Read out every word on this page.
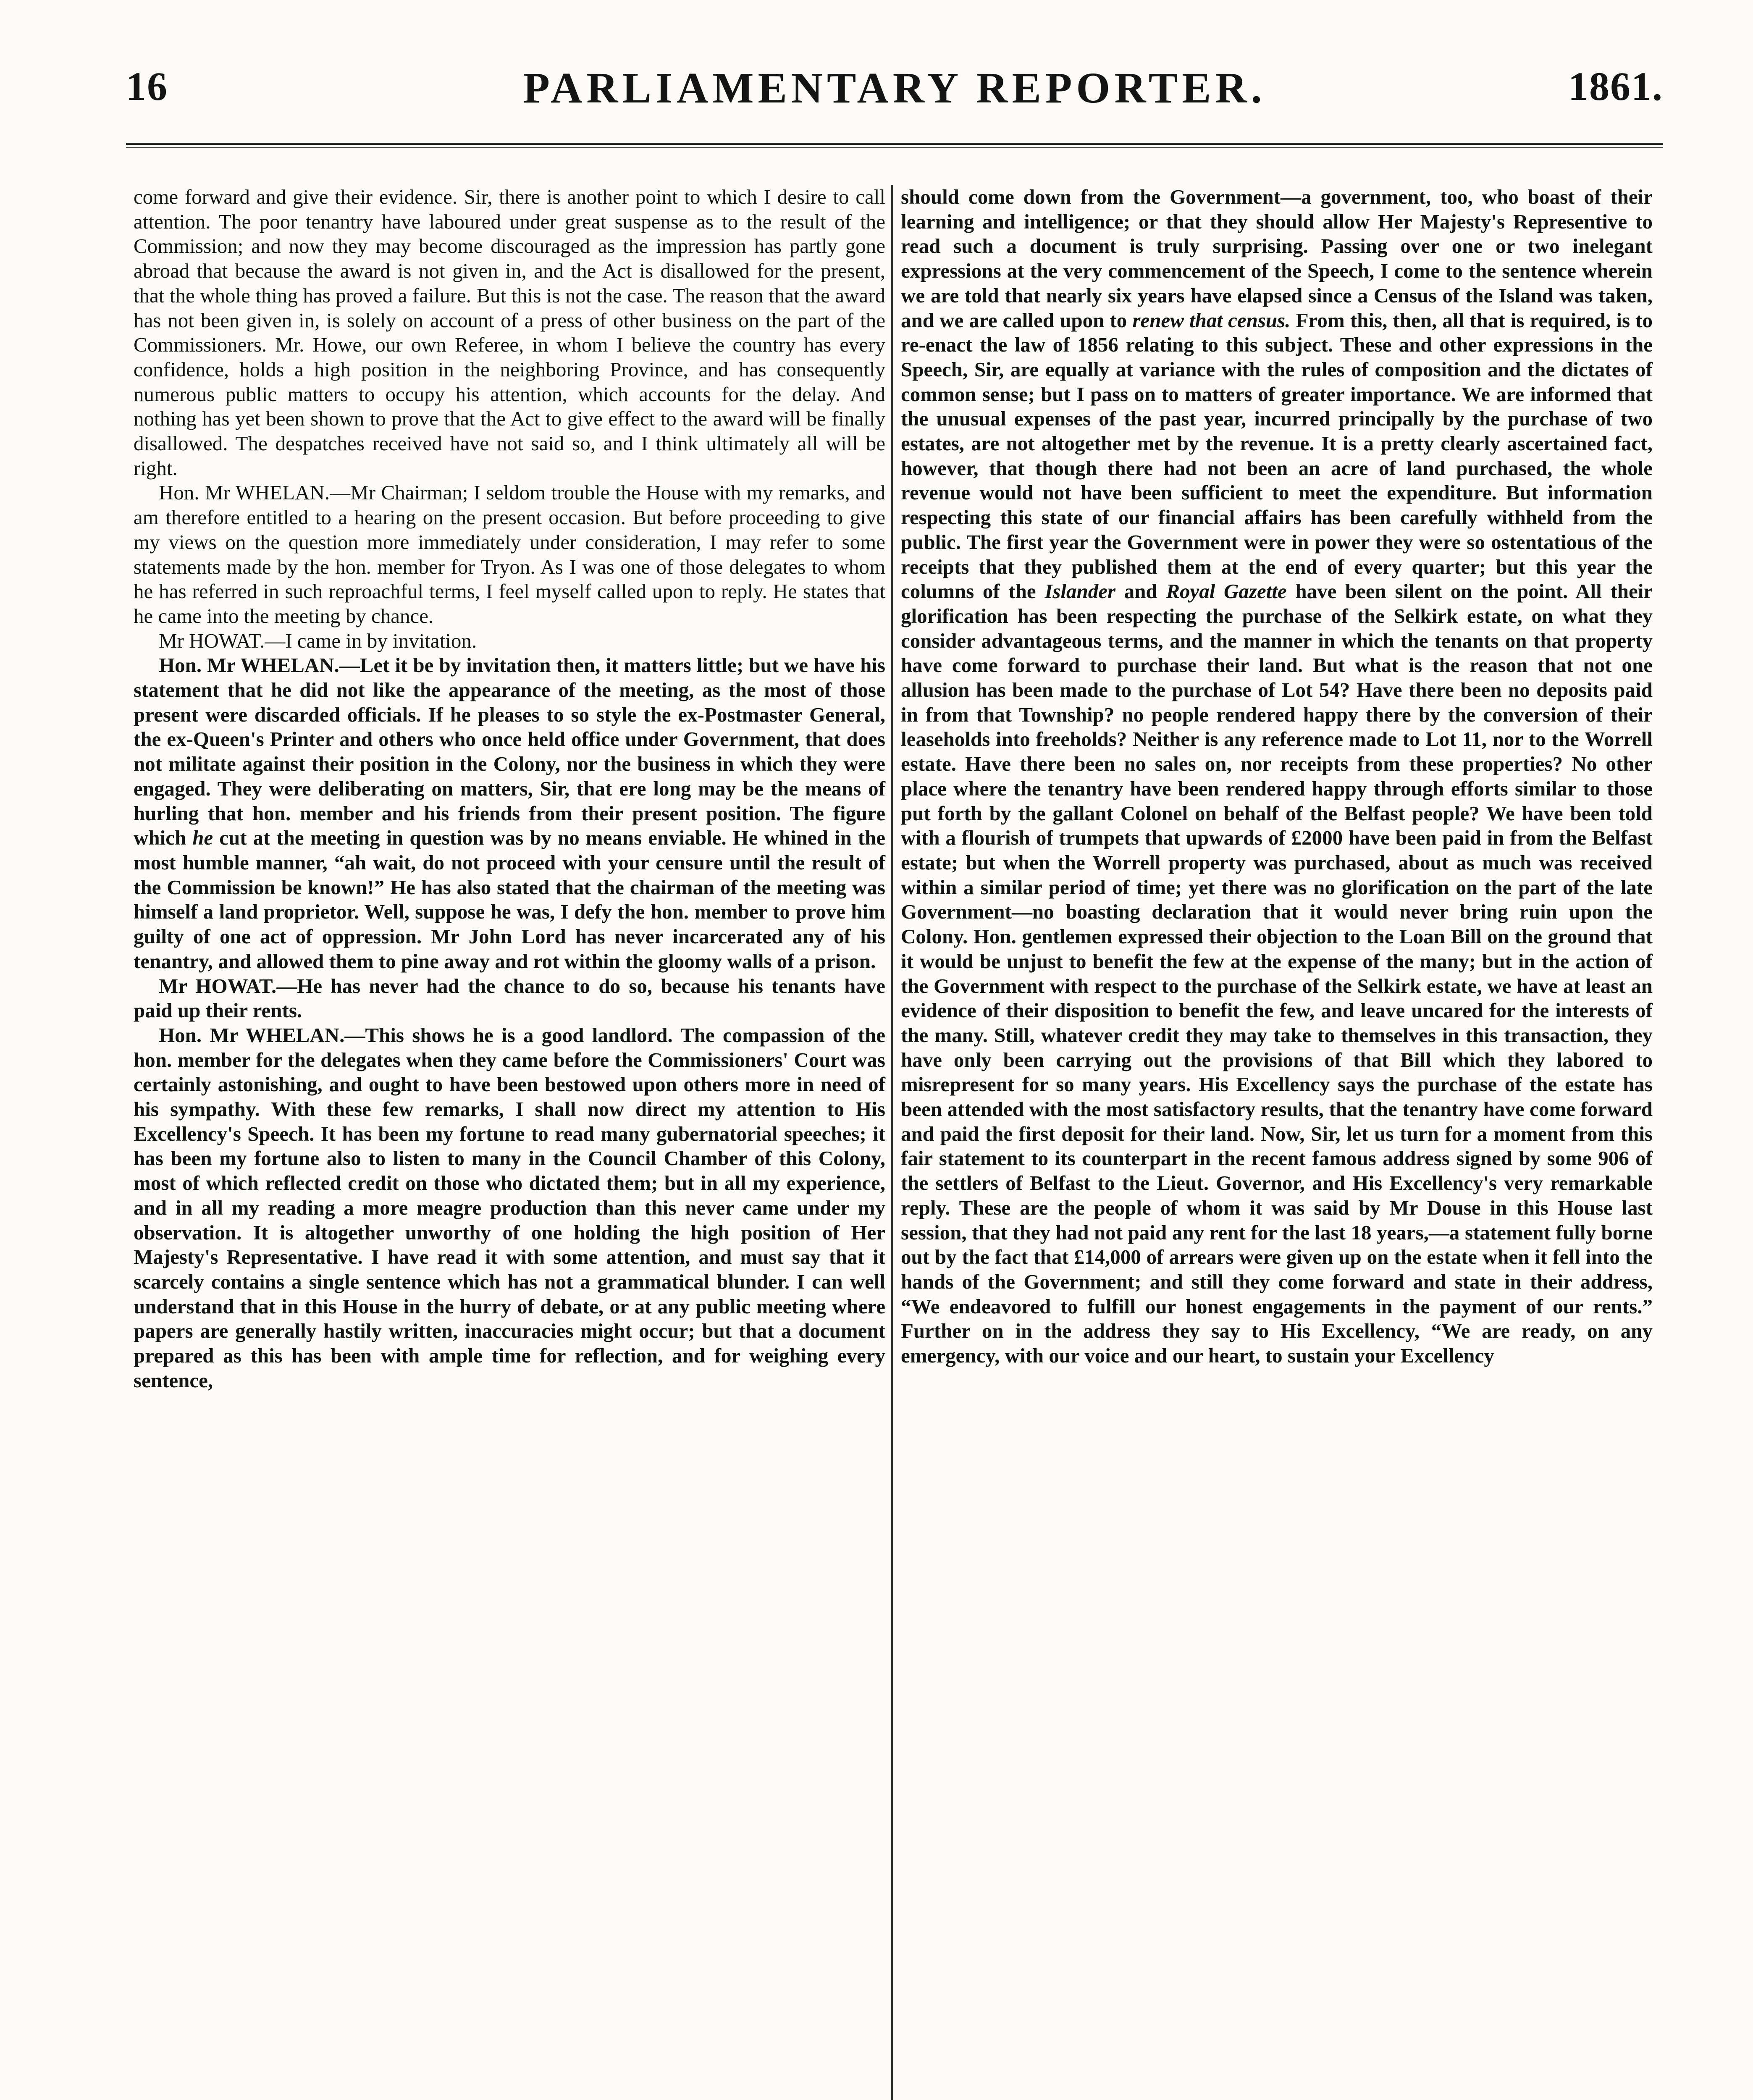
16	PARLIAMENTARY REPORTER.	1861.

come forward and give their evidence. Sir, there is another point to which I desire to call attention. The poor tenantry have laboured under great suspense as to the result of the Commission; and now they may become discouraged as the impression has partly gone abroad that because the award is not given in, and the Act is disallowed for the present, that the whole thing has proved a failure. But this is not the case. The reason that the award has not been given in, is solely on account of a press of other business on the part of the Commissioners. Mr. Howe, our own Referee, in whom I believe the country has every confidence, holds a high position in the neighboring Province, and has consequently numerous public matters to occupy his attention, which accounts for the delay. And nothing has yet been shown to prove that the Act to give effect to the award will be finally disallowed. The despatches received have not said so, and I think ultimately all will be right.

Hon. Mr WHELAN.—Mr Chairman; I seldom trouble the House with my remarks, and am therefore entitled to a hearing on the present occasion. But before proceeding to give my views on the question more immediately under consideration, I may refer to some statements made by the hon. member for Tryon. As I was one of those delegates to whom he has referred in such reproachful terms, I feel myself called upon to reply. He states that he came into the meeting by chance.

Mr HOWAT.—I came in by invitation.

Hon. Mr WHELAN.—Let it be by invitation then, it matters little; but we have his statement that he did not like the appearance of the meeting, as the most of those present were discarded officials. If he pleases to so style the ex-Postmaster General, the ex-Queen's Printer and others who once held office under Government, that does not militate against their position in the Colony, nor the business in which they were engaged. They were deliberating on matters, Sir, that ere long may be the means of hurling that hon. member and his friends from their present position. The figure which he cut at the meeting in question was by no means enviable. He whined in the most humble manner, “ah wait, do not proceed with your censure until the result of the Commission be known!” He has also stated that the chairman of the meeting was himself a land proprietor. Well, suppose he was, I defy the hon. member to prove him guilty of one act of oppression. Mr John Lord has never incarcerated any of his tenantry, and allowed them to pine away and rot within the gloomy walls of a prison.

Mr HOWAT.—He has never had the chance to do so, because his tenants have paid up their rents.

Hon. Mr WHELAN.—This shows he is a good landlord. The compassion of the hon. member for the delegates when they came before the Commissioners' Court was certainly astonishing, and ought to have been bestowed upon others more in need of his sympathy. With these few remarks, I shall now direct my attention to His Excellency's Speech. It has been my fortune to read many gubernatorial speeches; it has been my fortune also to listen to many in the Council Chamber of this Colony, most of which reflected credit on those who dictated them; but in all my experience, and in all my reading a more meagre production than this never came under my observation. It is altogether unworthy of one holding the high position of Her Majesty's Representative. I have read it with some attention, and must say that it scarcely contains a single sentence which has not a grammatical blunder. I can well understand that in this House in the hurry of debate, or at any public meeting where papers are generally hastily written, inaccuracies might occur; but that a document prepared as this has been with ample time for reflection, and for weighing every sentence,

should come down from the Government—a government, too, who boast of their learning and intelligence; or that they should allow Her Majesty's Representive to read such a document is truly surprising. Passing over one or two inelegant expressions at the very commencement of the Speech, I come to the sentence wherein we are told that nearly six years have elapsed since a Census of the Island was taken, and we are called upon to renew that census. From this, then, all that is required, is to re-enact the law of 1856 relating to this subject. These and other expressions in the Speech, Sir, are equally at variance with the rules of composition and the dictates of common sense; but I pass on to matters of greater importance. We are informed that the unusual expenses of the past year, incurred principally by the purchase of two estates, are not altogether met by the revenue. It is a pretty clearly ascertained fact, however, that though there had not been an acre of land purchased, the whole revenue would not have been sufficient to meet the expenditure. But information respecting this state of our financial affairs has been carefully withheld from the public. The first year the Government were in power they were so ostentatious of the receipts that they published them at the end of every quarter; but this year the columns of the Islander and Royal Gazette have been silent on the point. All their glorification has been respecting the purchase of the Selkirk estate, on what they consider advantageous terms, and the manner in which the tenants on that property have come forward to purchase their land. But what is the reason that not one allusion has been made to the purchase of Lot 54? Have there been no deposits paid in from that Township? no people rendered happy there by the conversion of their leaseholds into freeholds? Neither is any reference made to Lot 11, nor to the Worrell estate. Have there been no sales on, nor receipts from these properties? No other place where the tenantry have been rendered happy through efforts similar to those put forth by the gallant Colonel on behalf of the Belfast people? We have been told with a flourish of trumpets that upwards of £2000 have been paid in from the Belfast estate; but when the Worrell property was purchased, about as much was received within a similar period of time; yet there was no glorification on the part of the late Government—no boasting declaration that it would never bring ruin upon the Colony. Hon. gentlemen expressed their objection to the Loan Bill on the ground that it would be unjust to benefit the few at the expense of the many; but in the action of the Government with respect to the purchase of the Selkirk estate, we have at least an evidence of their disposition to benefit the few, and leave uncared for the interests of the many. Still, whatever credit they may take to themselves in this transaction, they have only been carrying out the provisions of that Bill which they labored to misrepresent for so many years. His Excellency says the purchase of the estate has been attended with the most satisfactory results, that the tenantry have come forward and paid the first deposit for their land. Now, Sir, let us turn for a moment from this fair statement to its counterpart in the recent famous address signed by some 906 of the settlers of Belfast to the Lieut. Governor, and His Excellency's very remarkable reply. These are the people of whom it was said by Mr Douse in this House last session, that they had not paid any rent for the last 18 years,—a statement fully borne out by the fact that £14,000 of arrears were given up on the estate when it fell into the hands of the Government; and still they come forward and state in their address, “We endeavored to fulfill our honest engagements in the payment of our rents.” Further on in the address they say to His Excellency, “We are ready, on any emergency, with our voice and our heart, to sustain your Excellency
